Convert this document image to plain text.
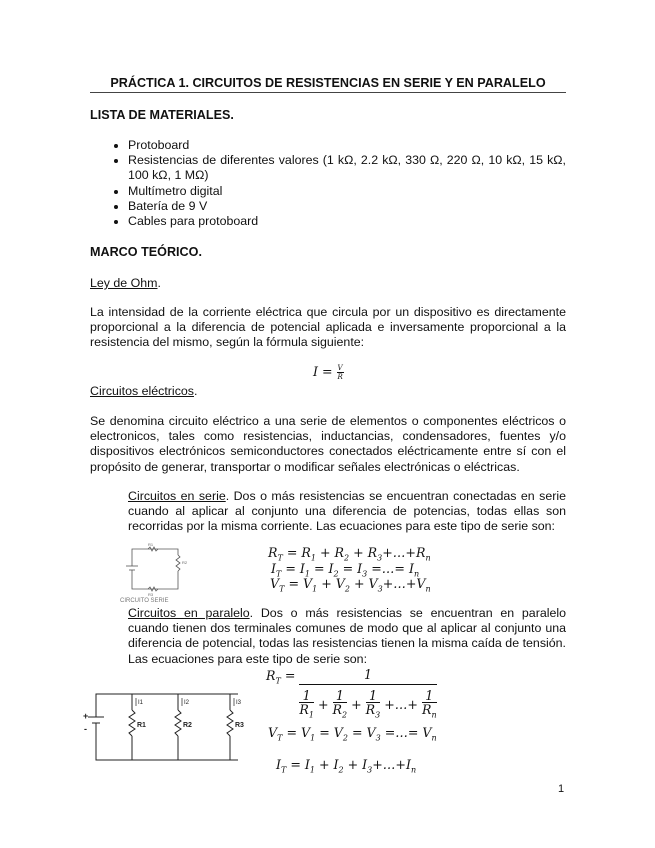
PRÁCTICA 1. CIRCUITOS DE RESISTENCIAS EN SERIE Y EN PARALELO
LISTA DE MATERIALES.
• Protoboard
• Resistencias de diferentes valores (1 kΩ, 2.2 kΩ, 330 Ω, 220 Ω, 10 kΩ, 15 kΩ, 100 kΩ, 1 MΩ)
• Multímetro digital
• Batería de 9 V
• Cables para protoboard
MARCO TEÓRICO.
Ley de Ohm.

La intensidad de la corriente eléctrica que circula por un dispositivo es directamente proporcional a la diferencia de potencial aplicada e inversamente proporcional a la resistencia del mismo, según la fórmula siguiente:

$I = \frac{V}{R}$
Circuitos eléctricos.

Se denomina circuito eléctrico a una serie de elementos o componentes eléctricos o electronicos, tales como resistencias, inductancias, condensadores, fuentes y/o dispositivos electrónicos semiconductores conectados eléctricamente entre sí con el propósito de generar, transportar o modificar señales electrónicas o eléctricas.

Circuitos en serie. Dos o más resistencias se encuentran conectadas en serie cuando al aplicar al conjunto una diferencia de potencias, todas ellas son recorridas por la misma corriente. Las ecuaciones para este tipo de serie son:

R1
R2
R3
CIRCUITO SERIE
$R_T = R_1 + R_2$ + $R_3+\dots+R_n$
$I_T = I_1 = I_2 = I_3$ =…= $I_n$
$V_T = V_1 + V_2$ + $V_3+\dots+V_n$

Circuitos en paralelo. Dos o más resistencias se encuentran en paralelo cuando tienen dos terminales comunes de modo que al aplicar al conjunto una diferencia de potencial, todas las resistencias tienen la misma caída de tensión. Las ecuaciones para este tipo de serie son:

$R_T = \frac{1}{\frac{1}{R_1} + \frac{1}{R_2} + \frac{1}{R_3} +\dots+ \frac{1}{R_n}}$
$V_T = V_1 = V_2 = V_3$ =…= $V_n$
$I_T = I_1 + I_2$ + $I_3+\dots+I_n$
I1	I2	I3
R1	R2	R3
+
-
1
